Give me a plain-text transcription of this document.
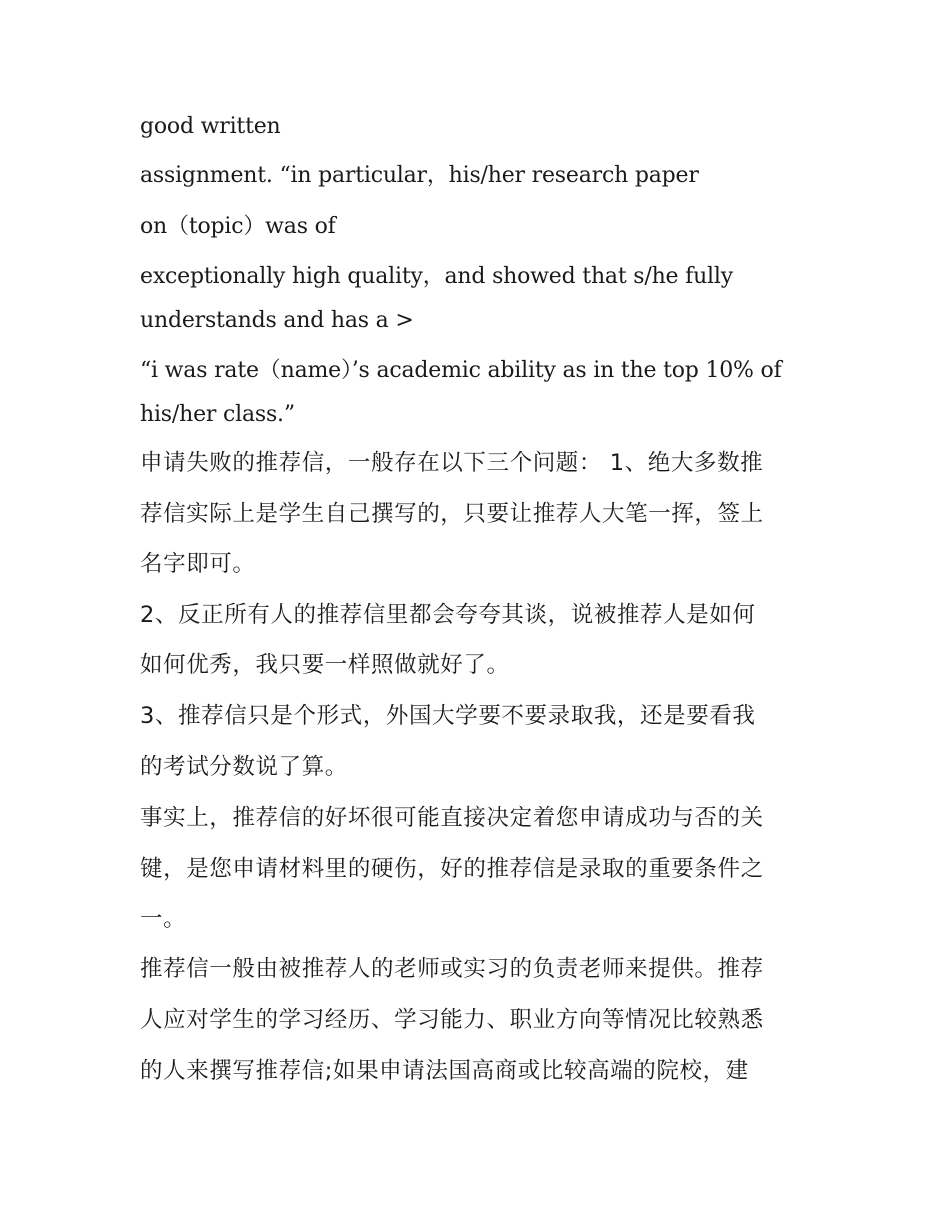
good written

assignment. “in particular，his/her research paper

on（topic）was of

exceptionally high quality，and showed that s/he fully

understands and has a >

“i was rate（name）’s academic ability as in the top 10% of

his/her class.”

申请失败的推荐信，一般存在以下三个问题： 1、绝大多数推

荐信实际上是学生自己撰写的，只要让推荐人大笔一挥，签上

名字即可。

2、反正所有人的推荐信里都会夸夸其谈，说被推荐人是如何

如何优秀，我只要一样照做就好了。

3、推荐信只是个形式，外国大学要不要录取我，还是要看我

的考试分数说了算。

事实上，推荐信的好坏很可能直接决定着您申请成功与否的关

键，是您申请材料里的硬伤，好的推荐信是录取的重要条件之

一。

推荐信一般由被推荐人的老师或实习的负责老师来提供。推荐

人应对学生的学习经历、学习能力、职业方向等情况比较熟悉

的人来撰写推荐信;如果申请法国高商或比较高端的院校，建
